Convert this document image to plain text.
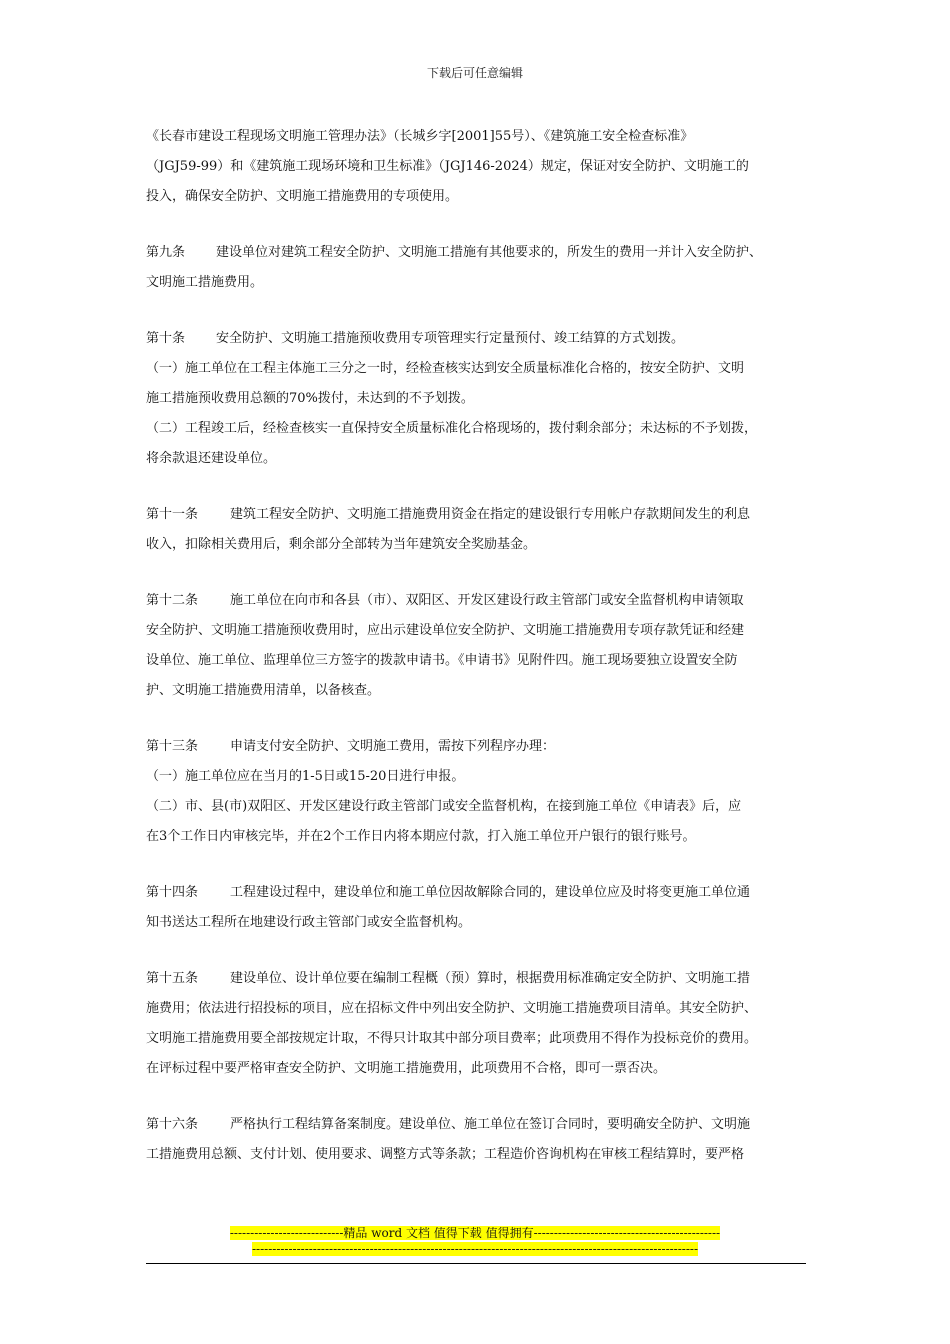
下载后可任意编辑
《长春市建设工程现场文明施工管理办法》（长城乡字[2001]55号）、《建筑施工安全检查标准》
（JGJ59-99）和《建筑施工现场环境和卫生标准》（JGJ146-2024）规定，保证对安全防护、文明施工的
投入，确保安全防护、文明施工措施费用的专项使用。
第九条 建设单位对建筑工程安全防护、文明施工措施有其他要求的，所发生的费用一并计入安全防护、
文明施工措施费用。
第十条 安全防护、文明施工措施预收费用专项管理实行定量预付、竣工结算的方式划拨。
（一）施工单位在工程主体施工三分之一时，经检查核实达到安全质量标准化合格的，按安全防护、文明
施工措施预收费用总额的70%拨付，未达到的不予划拨。
（二）工程竣工后，经检查核实一直保持安全质量标准化合格现场的，拨付剩余部分；未达标的不予划拨，
将余款退还建设单位。
第十一条 建筑工程安全防护、文明施工措施费用资金在指定的建设银行专用帐户存款期间发生的利息
收入，扣除相关费用后，剩余部分全部转为当年建筑安全奖励基金。
第十二条 施工单位在向市和各县（市）、双阳区、开发区建设行政主管部门或安全监督机构申请领取
安全防护、文明施工措施预收费用时，应出示建设单位安全防护、文明施工措施费用专项存款凭证和经建
设单位、施工单位、监理单位三方签字的拨款申请书。《申请书》见附件四。施工现场要独立设置安全防
护、文明施工措施费用清单，以备核查。
第十三条 申请支付安全防护、文明施工费用，需按下列程序办理：
（一）施工单位应在当月的1-5日或15-20日进行申报。
（二）市、县(市)双阳区、开发区建设行政主管部门或安全监督机构，在接到施工单位《申请表》后，应
在3个工作日内审核完毕，并在2个工作日内将本期应付款，打入施工单位开户银行的银行账号。
第十四条 工程建设过程中，建设单位和施工单位因故解除合同的，建设单位应及时将变更施工单位通
知书送达工程所在地建设行政主管部门或安全监督机构。
第十五条 建设单位、设计单位要在编制工程概（预）算时，根据费用标准确定安全防护、文明施工措
施费用；依法进行招投标的项目，应在招标文件中列出安全防护、文明施工措施费项目清单。其安全防护、
文明施工措施费用要全部按规定计取，不得只计取其中部分项目费率；此项费用不得作为投标竞价的费用。
在评标过程中要严格审查安全防护、文明施工措施费用，此项费用不合格，即可一票否决。
第十六条 严格执行工程结算备案制度。建设单位、施工单位在签订合同时，要明确安全防护、文明施
工措施费用总额、支付计划、使用要求、调整方式等条款；工程造价咨询机构在审核工程结算时，要严格
----------------------------精品 word 文档 值得下载 值得拥有----------------------------------------------
--------------------------------------------------------------------------------------------------------------
